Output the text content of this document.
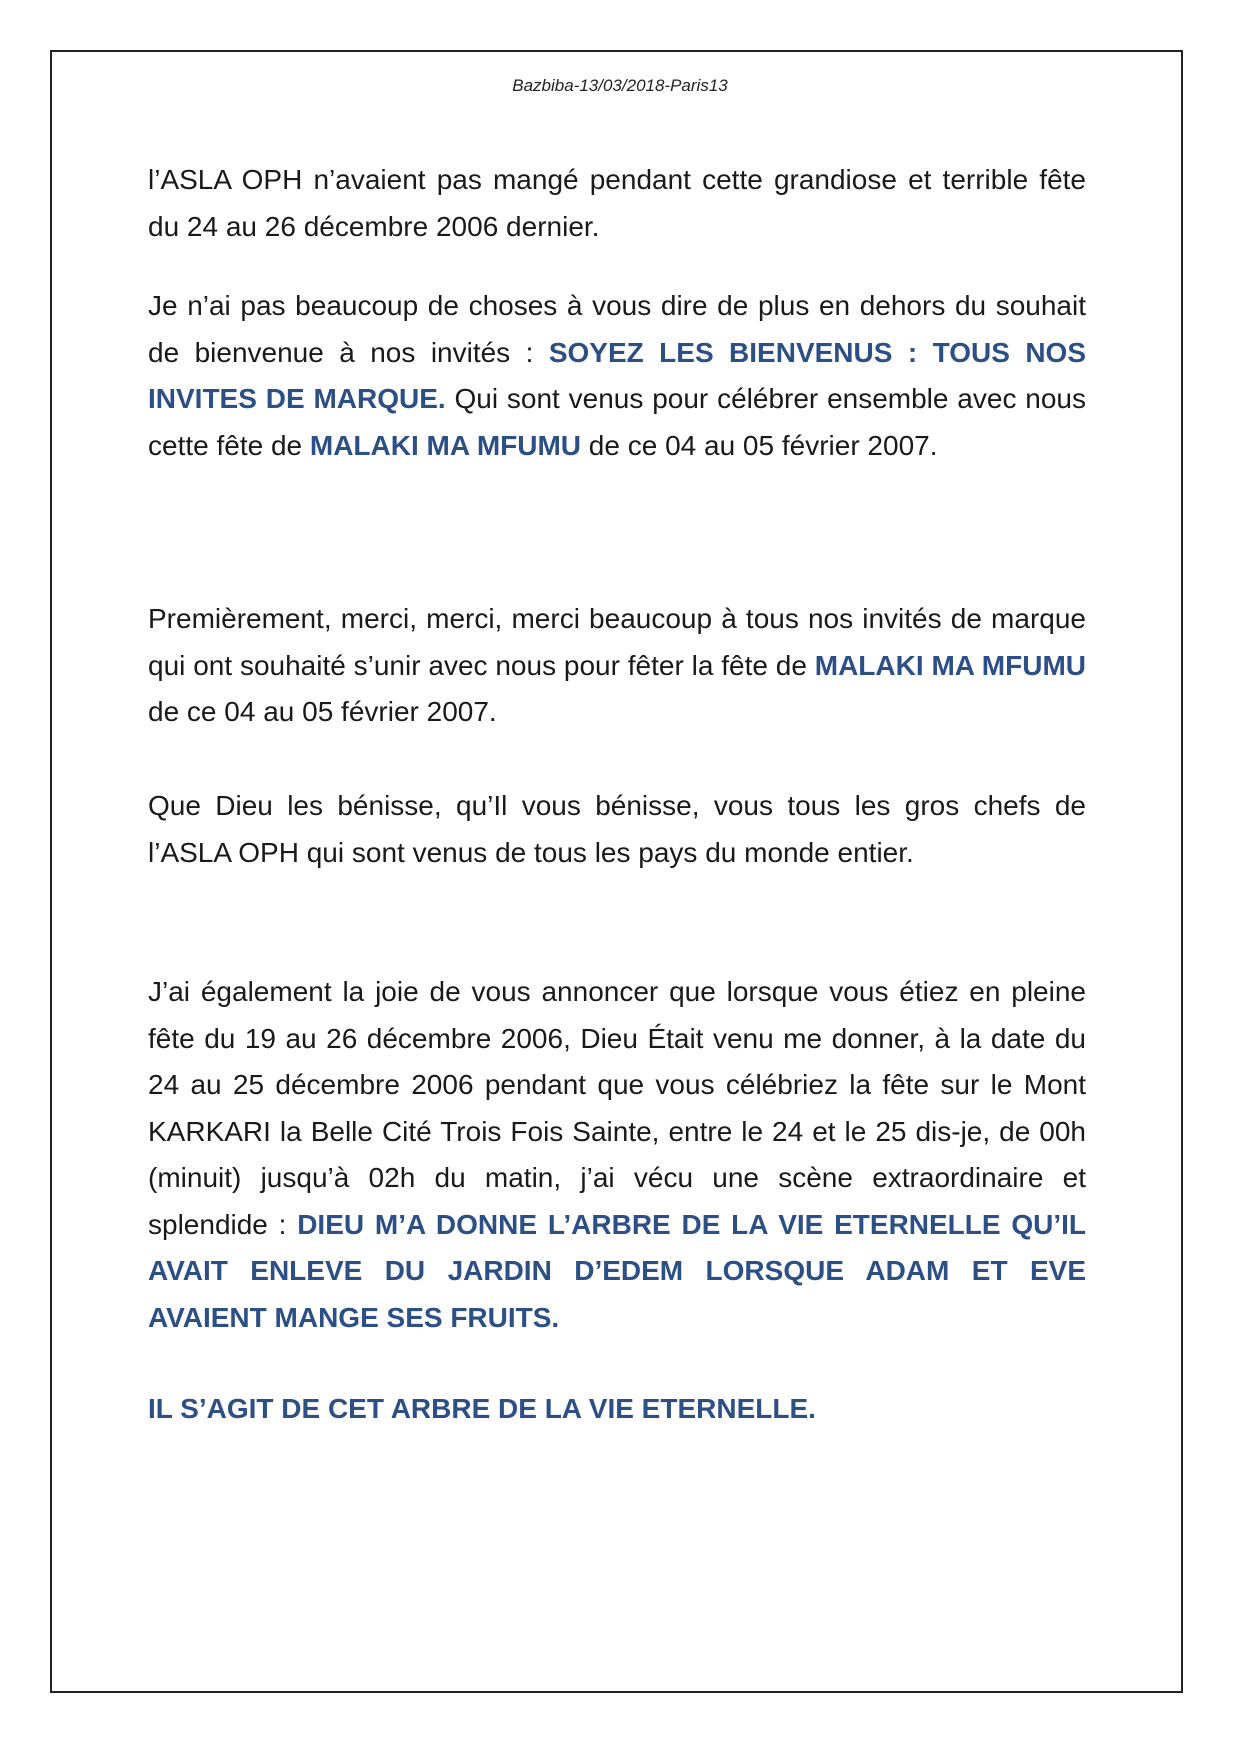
Bazbiba-13/03/2018-Paris13

l’ASLA OPH n’avaient pas mangé pendant cette grandiose et terrible fête du 24 au 26 décembre 2006 dernier.

Je n’ai pas beaucoup de choses à vous dire de plus en dehors du souhait de bienvenue à nos invités : SOYEZ LES BIENVENUS : TOUS NOS INVITES DE MARQUE. Qui sont venus pour célébrer ensemble avec nous cette fête de MALAKI MA MFUMU de ce 04 au 05 février 2007.

Premièrement, merci, merci, merci beaucoup à tous nos invités de marque qui ont souhaité s’unir avec nous pour fêter la fête de MALAKI MA MFUMU de ce 04 au 05 février 2007.

Que Dieu les bénisse, qu’Il vous bénisse, vous tous les gros chefs de l’ASLA OPH qui sont venus de tous les pays du monde entier.

J’ai également la joie de vous annoncer que lorsque vous étiez en pleine fête du 19 au 26 décembre 2006, Dieu Était venu me donner, à la date du 24 au 25 décembre 2006 pendant que vous célébriez la fête sur le Mont KARKARI la Belle Cité Trois Fois Sainte, entre le 24 et le 25 dis-je, de 00h (minuit) jusqu’à 02h du matin, j’ai vécu une scène extraordinaire et splendide : DIEU M’A DONNE L’ARBRE DE LA VIE ETERNELLE QU’IL AVAIT ENLEVE DU JARDIN D’EDEM LORSQUE ADAM ET EVE AVAIENT MANGE SES FRUITS.

IL S’AGIT DE CET ARBRE DE LA VIE ETERNELLE.
